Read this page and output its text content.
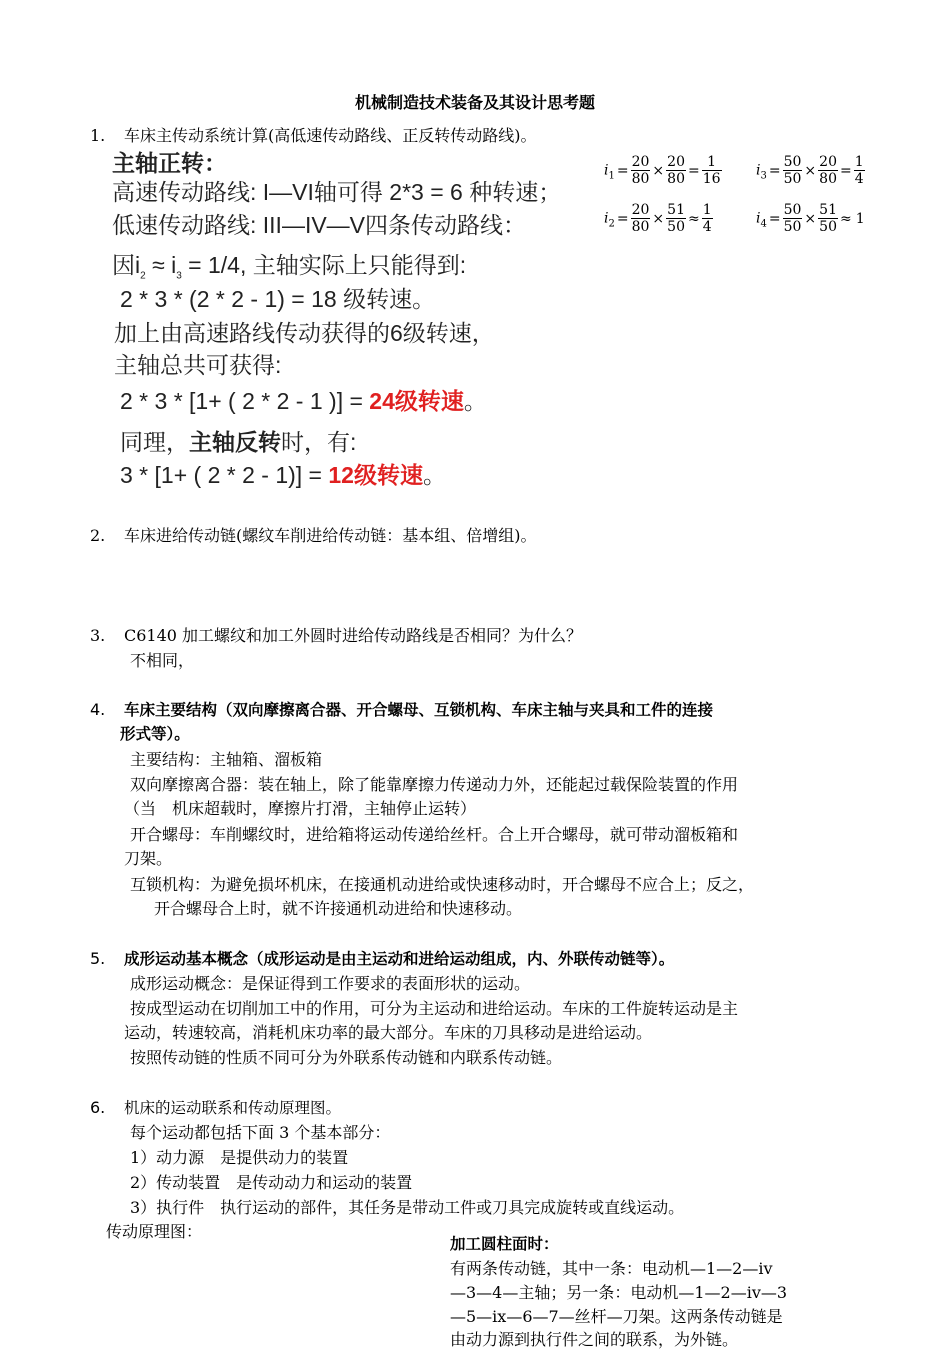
机械制造技术装备及其设计思考题
1. 车床主传动系统计算(高低速传动路线、正反转传动路线)。
主轴正转：
高速传动路线: I—VI轴可得 2*3 = 6 种转速；
低速传动路线: III—IV—V四条传动路线：
因$i_2 \approx i_3 = 1/4$, 主轴实际上只能得到:
2 * 3 * (2 * 2 - 1) = 18 级转速。
加上由高速路线传动获得的6级转速，
主轴总共可获得:
2 * 3 * [1+ ( 2 * 2 - 1 )] = 24级转速。
同理，主轴反转时，有:
3 * [1+ ( 2 * 2 - 1)] = 12级转速。
$i_1 = \frac{20}{80} \times \frac{20}{80} = \frac{1}{16} i_3 = \frac{50}{50} \times \frac{20}{80} = \frac{1}{4}$
$i_2 = \frac{20}{80} \times \frac{51}{50} \approx \frac{1}{4}$	$i_4 = \frac{50}{50} \times \frac{51}{50} \approx 1$
2. 车床进给传动链(螺纹车削进给传动链：基本组、倍增组)。
3. C6140 加工螺纹和加工外圆时进给传动路线是否相同？为什么？
不相同，
4. 车床主要结构（双向摩擦离合器、开合螺母、互锁机构、车床主轴与夹具和工件的连接
形式等）。
主要结构：主轴箱、溜板箱
双向摩擦离合器：装在轴上，除了能靠摩擦力传递动力外，还能起过载保险装置的作用
（当　机床超载时，摩擦片打滑，主轴停止运转）
开合螺母：车削螺纹时，进给箱将运动传递给丝杆。合上开合螺母，就可带动溜板箱和
刀架。
互锁机构：为避免损坏机床，在接通机动进给或快速移动时，开合螺母不应合上；反之，
开合螺母合上时，就不许接通机动进给和快速移动。
5. 成形运动基本概念（成形运动是由主运动和进给运动组成，内、外联传动链等）。
成形运动概念：是保证得到工作要求的表面形状的运动。
按成型运动在切削加工中的作用，可分为主运动和进给运动。车床的工件旋转运动是主
运动，转速较高，消耗机床功率的最大部分。车床的刀具移动是进给运动。
按照传动链的性质不同可分为外联系传动链和内联系传动链。
6. 机床的运动联系和传动原理图。
每个运动都包括下面 3 个基本部分：
1）动力源　是提供动力的装置
2）传动装置　是传动动力和运动的装置
3）执行件　执行运动的部件，其任务是带动工件或刀具完成旋转或直线运动。
传动原理图：
加工圆柱面时：
有两条传动链，其中一条：电动机—1—2—iv
—3—4—主轴；另一条：电动机—1—2—iv—3
—5—ix—6—7—丝杆—刀架。这两条传动链是
由动力源到执行件之间的联系，为外链。
